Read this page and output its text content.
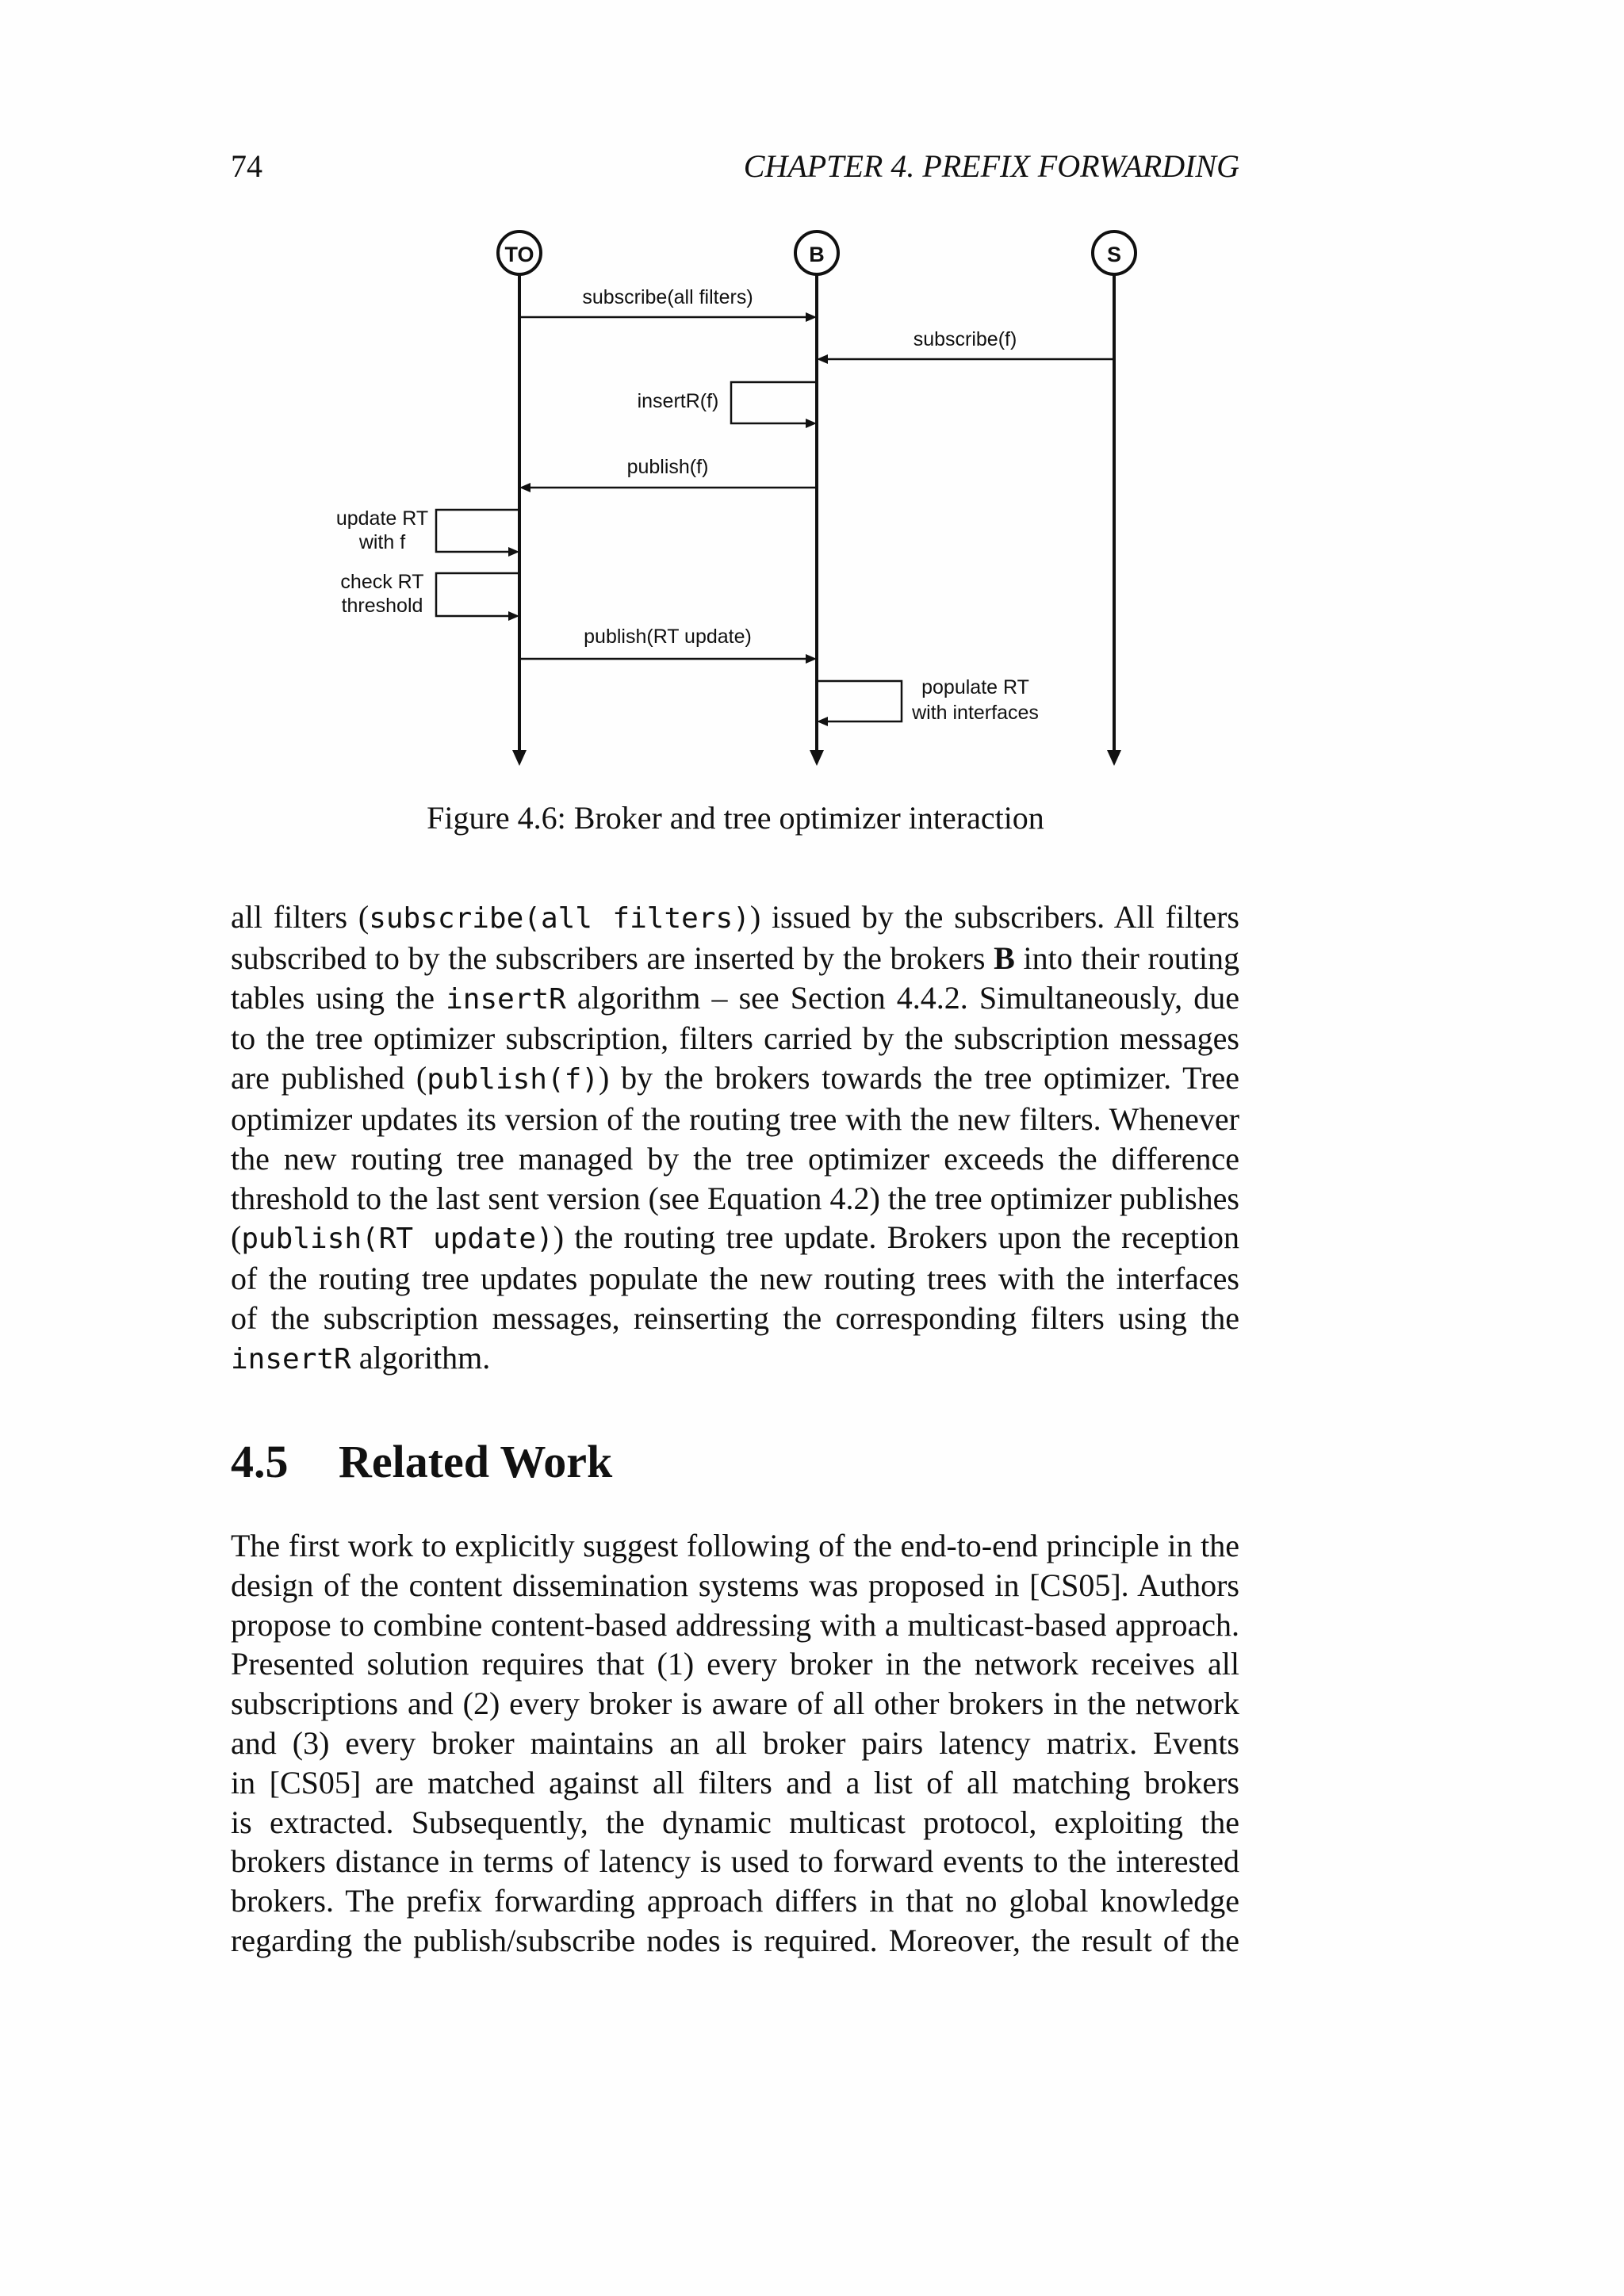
74	CHAPTER 4. PREFIX FORWARDING
TO	B	S
subscribe(all filters)
subscribe(f)
insertR(f)
publish(f)
update RT
with f
check RT
threshold
publish(RT update)
populate RT
with interfaces
Figure 4.6: Broker and tree optimizer interaction
all filters (subscribe(all filters)) issued by the subscribers. All filters
subscribed to by the subscribers are inserted by the brokers B into their routing
tables using the insertR algorithm – see Section 4.4.2. Simultaneously, due
to the tree optimizer subscription, filters carried by the subscription messages
are published (publish(f)) by the brokers towards the tree optimizer. Tree
optimizer updates its version of the routing tree with the new filters. Whenever
the new routing tree managed by the tree optimizer exceeds the difference
threshold to the last sent version (see Equation 4.2) the tree optimizer publishes
(publish(RT update)) the routing tree update. Brokers upon the reception
of the routing tree updates populate the new routing trees with the interfaces
of the subscription messages, reinserting the corresponding filters using the
insertR algorithm.
4.5 Related Work
The first work to explicitly suggest following of the end-to-end principle in the
design of the content dissemination systems was proposed in [CS05]. Authors
propose to combine content-based addressing with a multicast-based approach.
Presented solution requires that (1) every broker in the network receives all
subscriptions and (2) every broker is aware of all other brokers in the network
and (3) every broker maintains an all broker pairs latency matrix. Events
in [CS05] are matched against all filters and a list of all matching brokers
is extracted. Subsequently, the dynamic multicast protocol, exploiting the
brokers distance in terms of latency is used to forward events to the interested
brokers. The prefix forwarding approach differs in that no global knowledge
regarding the publish/subscribe nodes is required. Moreover, the result of the
